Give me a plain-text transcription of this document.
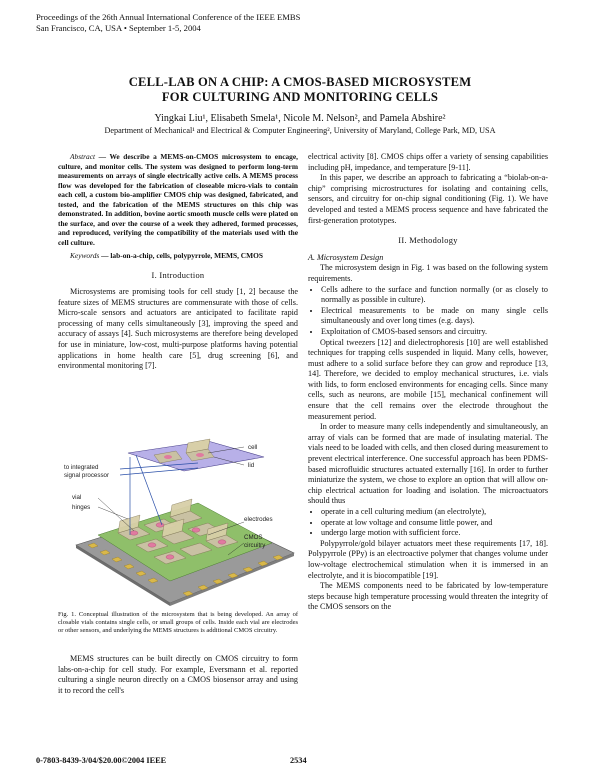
Proceedings of the 26th Annual International Conference of the IEEE EMBS
San Francisco, CA, USA • September 1-5, 2004
CELL-LAB ON A CHIP: A CMOS-BASED MICROSYSTEM
FOR CULTURING AND MONITORING CELLS
Yingkai Liu¹, Elisabeth Smela¹, Nicole M. Nelson², and Pamela Abshire²
Department of Mechanical¹ and Electrical & Computer Engineering², University of Maryland, College Park, MD, USA

Abstract — We describe a MEMS-on-CMOS microsystem to encage, culture, and monitor cells. The system was designed to perform long-term measurements on arrays of single electrically active cells. A MEMS process flow was developed for the fabrication of closeable micro-vials to contain each cell, a custom bio-amplifier CMOS chip was designed, fabricated, and tested, and the fabrication of the MEMS structures on this chip was demonstrated. In addition, bovine aortic smooth muscle cells were plated on the surface, and over the course of a week they adhered, formed processes, and reproduced, verifying the compatibility of the materials used with the cell culture.

Keywords — lab-on-a-chip, cells, polypyrrole, MEMS, CMOS

I. Introduction

Microsystems are promising tools for cell study [1, 2] because the feature sizes of MEMS structures are commensurate with those of cells. Micro-scale sensors and actuators are anticipated to facilitate rapid processing of many cells simultaneously [3], improving the speed and accuracy of assays [4]. Such microsystems are therefore being developed for use in miniature, low-cost, multi-purpose platforms having potential applications in home health care [5], drug screening [6], and environmental monitoring [7].

cell
lid
to integrated
signal processor
vial
hinges
electrodes
CMOS
circuitry
Fig. 1. Conceptual illustration of the microsystem that is being developed. An array of closable vials contains single cells, or small groups of cells. Inside each vial are electrodes or other sensors, and underlying the MEMS structures is additional CMOS circuitry.

MEMS structures can be built directly on CMOS circuitry to form labs-on-a-chip for cell study. For example, Eversmann et al. reported culturing a single neuron directly on a CMOS biosensor array and using it to record the cell's

electrical activity [8]. CMOS chips offer a variety of sensing capabilities including pH, impedance, and temperature [9-11].

In this paper, we describe an approach to fabricating a “biolab-on-a-chip” comprising microstructures for isolating and containing cells, sensors, and circuitry for on-chip signal conditioning (Fig. 1). We have developed and tested a MEMS process sequence and have fabricated the first-generation prototypes.

II. Methodology

A. Microsystem Design

The microsystem design in Fig. 1 was based on the following system requirements.

• Cells adhere to the surface and function normally (or as closely to normally as possible in culture).
• Electrical measurements to be made on many single cells simultaneously and over long times (e.g. days).
• Exploitation of CMOS-based sensors and circuitry.

Optical tweezers [12] and dielectrophoresis [10] are well established techniques for trapping cells suspended in liquid. Many cells, however, must adhere to a solid surface before they can grow and reproduce [13, 14]. Therefore, we decided to employ mechanical structures, i.e. vials with lids, to form enclosed environments for encaging cells. Since many cells, such as neurons, are mobile [15], mechanical confinement will ensure that the cell remains over the electrode throughout the measurement period.

In order to measure many cells independently and simultaneously, an array of vials can be formed that are made of insulating material. The vials need to be loaded with cells, and then closed during measurement to prevent electrical interference. One successful approach has been PDMS-based microfluidic structures actuated externally [16]. In order to further miniaturize the system, we chose to explore an option that will allow on-chip electrical actuation for loading and isolation. The microactuators should thus

• operate in a cell culturing medium (an electrolyte),
• operate at low voltage and consume little power, and
• undergo large motion with sufficient force.

Polypyrrole/gold bilayer actuators meet these requirements [17, 18]. Polypyrrole (PPy) is an electroactive polymer that changes volume under low-voltage electrochemical stimulation when it is immersed in an electrolyte, and it is biocompatible [19].

The MEMS components need to be fabricated by low-temperature steps because high temperature processing would threaten the integrity of the CMOS sensors on the

0-7803-8439-3/04/$20.00©2004 IEEE	2534
